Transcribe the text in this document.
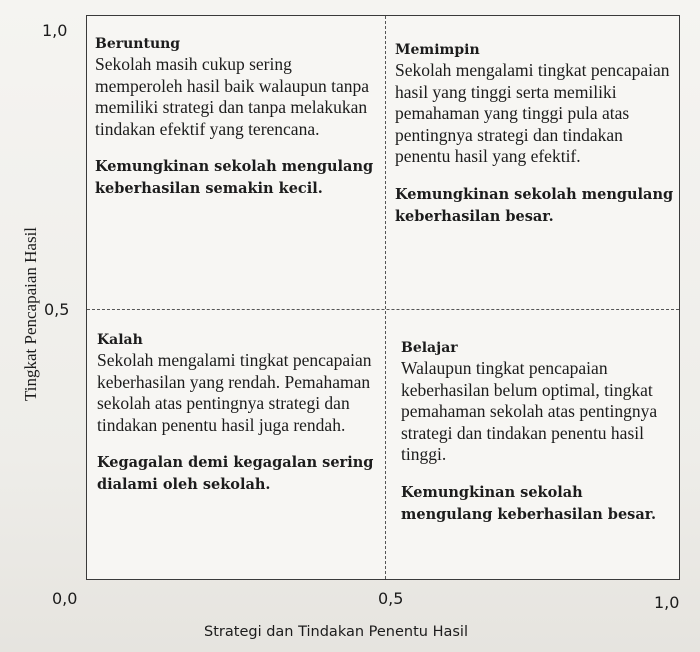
Beruntung
Sekolah masih cukup sering memperoleh hasil baik walaupun tanpa memiliki strategi dan tanpa melakukan tindakan efektif yang terencana.
Kemungkinan sekolah mengulang keberhasilan semakin kecil.
Memimpin
Sekolah mengalami tingkat pencapaian hasil yang tinggi serta memiliki pemahaman yang tinggi pula atas pentingnya strategi dan tindakan penentu hasil yang efektif.
Kemungkinan sekolah mengulang keberhasilan besar.
Kalah
Sekolah mengalami tingkat pencapaian keberhasilan yang rendah. Pemahaman sekolah atas pentingnya strategi dan tindakan penentu hasil juga rendah.
Kegagalan demi kegagalan sering dialami oleh sekolah.
Belajar
Walaupun tingkat pencapaian keberhasilan belum optimal, tingkat pemahaman sekolah atas pentingnya strategi dan tindakan penentu hasil tinggi.
Kemungkinan sekolah mengulang keberhasilan besar.
1,0
0,5
0,0	0,5	1,0
Tingkat Pencapaian Hasil
Strategi dan Tindakan Penentu Hasil
